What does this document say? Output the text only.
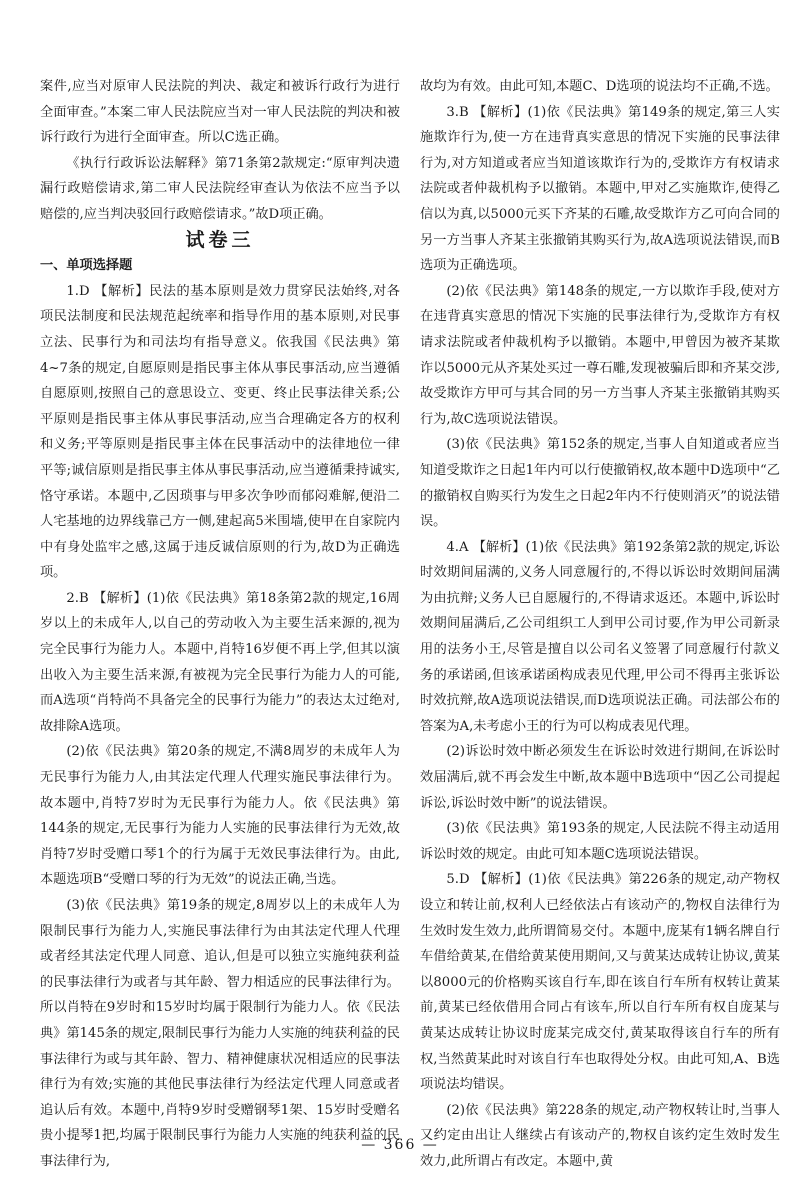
案件,应当对原审人民法院的判决、裁定和被诉行政行为进行全面审查。”本案二审人民法院应当对一审人民法院的判决和被诉行政行为进行全面审查。所以C选正确。

《执行行政诉讼法解释》第71条第2款规定:“原审判决遗漏行政赔偿请求,第二审人民法院经审查认为依法不应当予以赔偿的,应当判决驳回行政赔偿请求。”故D项正确。

试卷三

一、单项选择题

1.D 【解析】民法的基本原则是效力贯穿民法始终,对各项民法制度和民法规范起统率和指导作用的基本原则,对民事立法、民事行为和司法均有指导意义。依我国《民法典》第4~7条的规定,自愿原则是指民事主体从事民事活动,应当遵循自愿原则,按照自己的意思设立、变更、终止民事法律关系;公平原则是指民事主体从事民事活动,应当合理确定各方的权利和义务;平等原则是指民事主体在民事活动中的法律地位一律平等;诚信原则是指民事主体从事民事活动,应当遵循秉持诚实,恪守承诺。本题中,乙因琐事与甲多次争吵而郁闷难解,便沿二人宅基地的边界线靠己方一侧,建起高5米围墙,使甲在自家院内中有身处监牢之感,这属于违反诚信原则的行为,故D为正确选项。

2.B 【解析】(1)依《民法典》第18条第2款的规定,16周岁以上的未成年人,以自己的劳动收入为主要生活来源的,视为完全民事行为能力人。本题中,肖特16岁便不再上学,但其以演出收入为主要生活来源,有被视为完全民事行为能力人的可能,而A选项“肖特尚不具备完全的民事行为能力”的表达太过绝对,故排除A选项。

(2)依《民法典》第20条的规定,不满8周岁的未成年人为无民事行为能力人,由其法定代理人代理实施民事法律行为。故本题中,肖特7岁时为无民事行为能力人。依《民法典》第144条的规定,无民事行为能力人实施的民事法律行为无效,故肖特7岁时受赠口琴1个的行为属于无效民事法律行为。由此,本题选项B“受赠口琴的行为无效”的说法正确,当选。

(3)依《民法典》第19条的规定,8周岁以上的未成年人为限制民事行为能力人,实施民事法律行为由其法定代理人代理或者经其法定代理人同意、追认,但是可以独立实施纯获利益的民事法律行为或者与其年龄、智力相适应的民事法律行为。所以肖特在9岁时和15岁时均属于限制行为能力人。依《民法典》第145条的规定,限制民事行为能力人实施的纯获利益的民事法律行为或与其年龄、智力、精神健康状况相适应的民事法律行为有效;实施的其他民事法律行为经法定代理人同意或者追认后有效。本题中,肖特9岁时受赠钢琴1架、15岁时受赠名贵小提琴1把,均属于限制民事行为能力人实施的纯获利益的民事法律行为,

故均为有效。由此可知,本题C、D选项的说法均不正确,不选。

3.B 【解析】(1)依《民法典》第149条的规定,第三人实施欺诈行为,使一方在违背真实意思的情况下实施的民事法律行为,对方知道或者应当知道该欺诈行为的,受欺诈方有权请求法院或者仲裁机构予以撤销。本题中,甲对乙实施欺诈,使得乙信以为真,以5000元买下齐某的石雕,故受欺诈方乙可向合同的另一方当事人齐某主张撤销其购买行为,故A选项说法错误,而B选项为正确选项。

(2)依《民法典》第148条的规定,一方以欺诈手段,使对方在违背真实意思的情况下实施的民事法律行为,受欺诈方有权请求法院或者仲裁机构予以撤销。本题中,甲曾因为被齐某欺诈以5000元从齐某处买过一尊石雕,发现被骗后即和齐某交涉,故受欺诈方甲可与其合同的另一方当事人齐某主张撤销其购买行为,故C选项说法错误。

(3)依《民法典》第152条的规定,当事人自知道或者应当知道受欺诈之日起1年内可以行使撤销权,故本题中D选项中“乙的撤销权自购买行为发生之日起2年内不行使则消灭”的说法错误。

4.A 【解析】(1)依《民法典》第192条第2款的规定,诉讼时效期间届满的,义务人同意履行的,不得以诉讼时效期间届满为由抗辩;义务人已自愿履行的,不得请求返还。本题中,诉讼时效期间届满后,乙公司组织工人到甲公司讨要,作为甲公司新录用的法务小王,尽管是擅自以公司名义签署了同意履行付款义务的承诺函,但该承诺函构成表见代理,甲公司不得再主张诉讼时效抗辩,故A选项说法错误,而D选项说法正确。司法部公布的答案为A,未考虑小王的行为可以构成表见代理。

(2)诉讼时效中断必须发生在诉讼时效进行期间,在诉讼时效届满后,就不再会发生中断,故本题中B选项中“因乙公司提起诉讼,诉讼时效中断”的说法错误。

(3)依《民法典》第193条的规定,人民法院不得主动适用诉讼时效的规定。由此可知本题C选项说法错误。

5.D 【解析】(1)依《民法典》第226条的规定,动产物权设立和转让前,权利人已经依法占有该动产的,物权自法律行为生效时发生效力,此所谓简易交付。本题中,庞某有1辆名牌自行车借给黄某,在借给黄某使用期间,又与黄某达成转让协议,黄某以8000元的价格购买该自行车,即在该自行车所有权转让黄某前,黄某已经依借用合同占有该车,所以自行车所有权自庞某与黄某达成转让协议时庞某完成交付,黄某取得该自行车的所有权,当然黄某此时对该自行车也取得处分权。由此可知,A、B选项说法均错误。

(2)依《民法典》第228条的规定,动产物权转让时,当事人又约定由出让人继续占有该动产的,物权自该约定生效时发生效力,此所谓占有改定。本题中,黄

— 366 —
